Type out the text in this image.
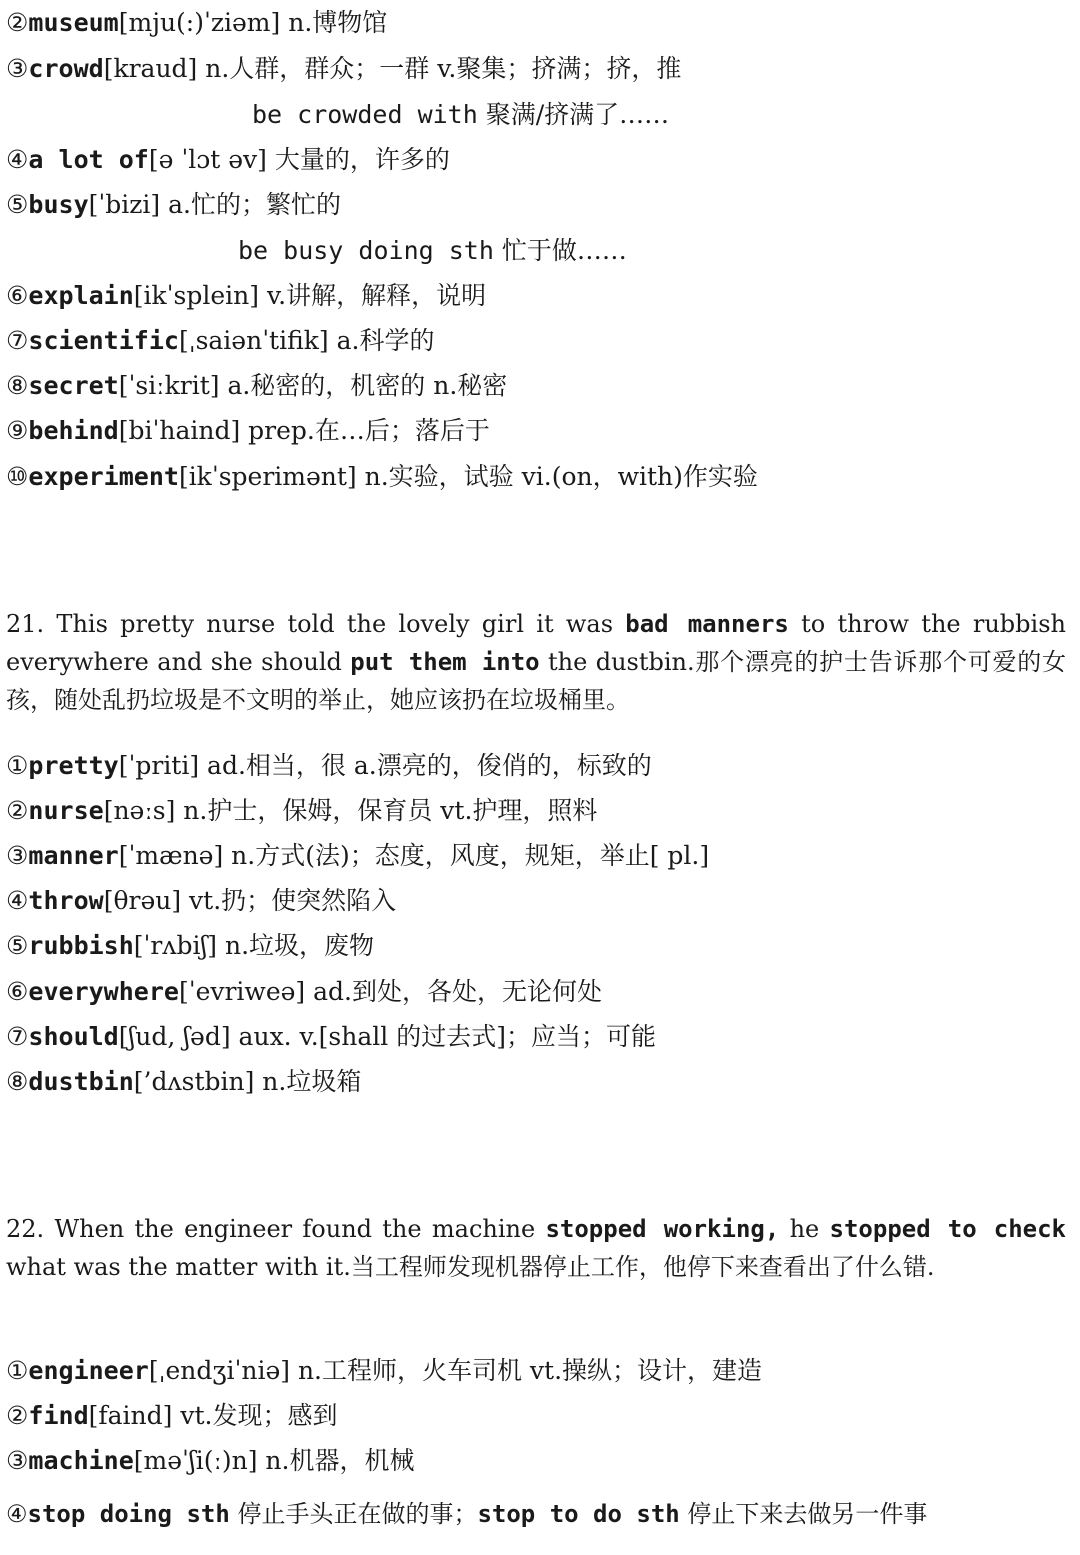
②museum[mju(:)ˈziəm] n.博物馆
③crowd[kraud] n.人群，群众；一群 v.聚集；挤满；挤，推
be crowded with 聚满/挤满了……
④a lot of[ə ˈlɔt əv] 大量的，许多的
⑤busy[ˈbizi] a.忙的；繁忙的
be busy doing sth 忙于做……
⑥explain[ikˈsplein] v.讲解，解释，说明
⑦scientific[ˌsaiənˈtifik] a.科学的
⑧secret[ˈsiːkrit] a.秘密的，机密的 n.秘密
⑨behind[biˈhaind] prep.在…后；落后于
⑩experiment[ikˈsperimənt] n.实验，试验 vi.(on，with)作实验
21. This pretty nurse told the lovely girl it was bad manners to throw the rubbish everywhere and she should put them into the dustbin.那个漂亮的护士告诉那个可爱的女孩，随处乱扔垃圾是不文明的举止，她应该扔在垃圾桶里。
①pretty[ˈpriti] ad.相当，很 a.漂亮的，俊俏的，标致的
②nurse[nəːs] n.护士，保姆，保育员 vt.护理，照料
③manner[ˈmænə] n.方式(法)；态度，风度，规矩，举止[ pl.]
④throw[θrəu] vt.扔；使突然陷入
⑤rubbish[ˈrʌbiʃ] n.垃圾，废物
⑥everywhere[ˈevriweə] ad.到处，各处，无论何处
⑦should[ʃud, ʃəd] aux. v.[shall 的过去式]；应当；可能
⑧dustbin[’dʌstbin] n.垃圾箱
22. When the engineer found the machine stopped working, he stopped to check what was the matter with it.当工程师发现机器停止工作，他停下来查看出了什么错.
①engineer[ˌendʒiˈniə] n.工程师，火车司机 vt.操纵；设计，建造
②find[faind] vt.发现；感到
③machine[məˈʃi(ː)n] n.机器，机械
④stop doing sth 停止手头正在做的事；stop to do sth 停止下来去做另一件事
